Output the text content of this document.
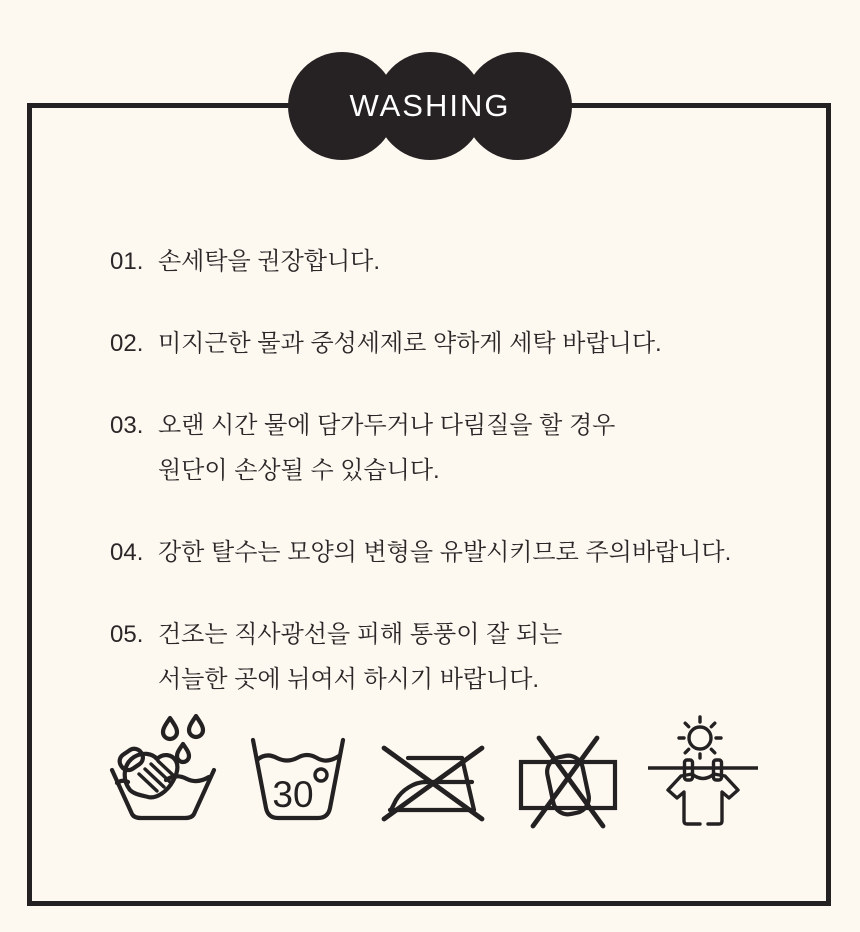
01. 손세탁을 권장합니다.
02. 미지근한 물과 중성세제로 약하게 세탁 바랍니다.
03. 오랜 시간 물에 담가두거나 다림질을 할 경우
원단이 손상될 수 있습니다.
04. 강한 탈수는 모양의 변형을 유발시키므로 주의바랍니다.
05. 건조는 직사광선을 피해 통풍이 잘 되는
서늘한 곳에 뉘여서 하시기 바랍니다.
30
WASHING
